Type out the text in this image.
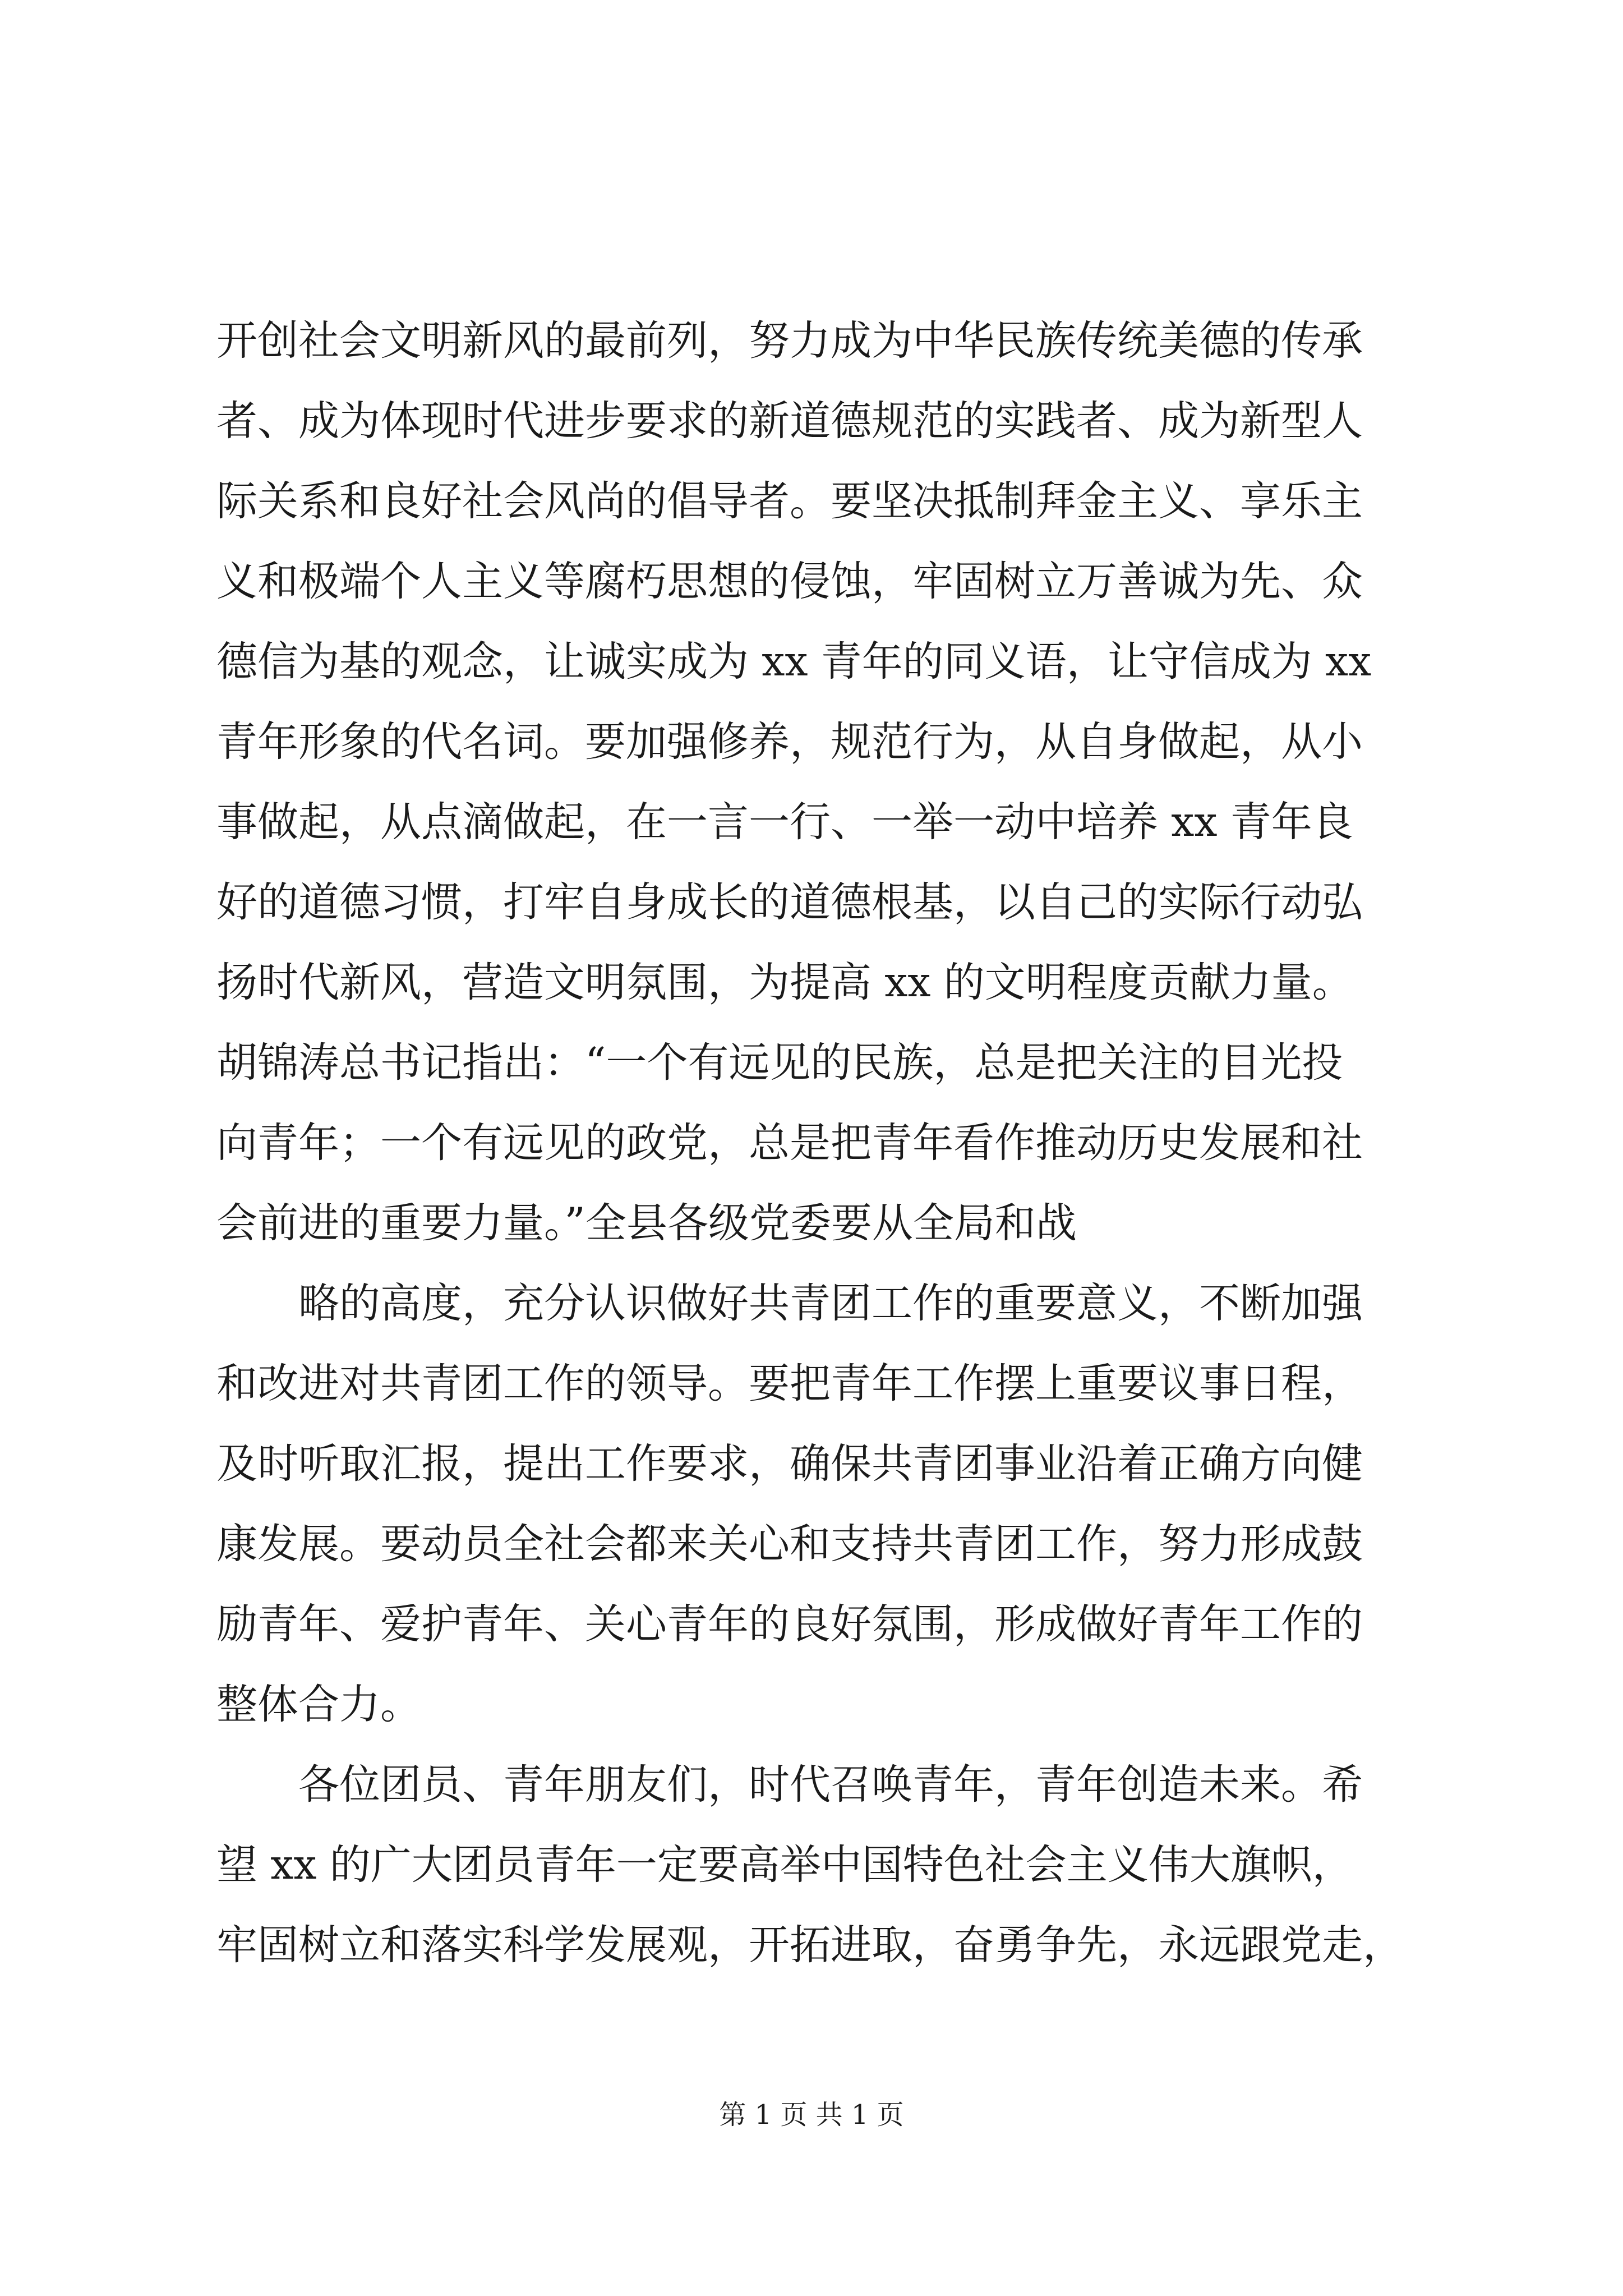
开创社会文明新风的最前列，努力成为中华民族传统美德的传承
者、成为体现时代进步要求的新道德规范的实践者、成为新型人
际关系和良好社会风尚的倡导者。要坚决抵制拜金主义、享乐主
义和极端个人主义等腐朽思想的侵蚀，牢固树立万善诚为先、众
德信为基的观念，让诚实成为 xx 青年的同义语，让守信成为 xx
青年形象的代名词。要加强修养，规范行为，从自身做起，从小
事做起，从点滴做起，在一言一行、一举一动中培养 xx 青年良
好的道德习惯，打牢自身成长的道德根基，以自己的实际行动弘
扬时代新风，营造文明氛围，为提高 xx 的文明程度贡献力量。
胡锦涛总书记指出：“一个有远见的民族，总是把关注的目光投
向青年；一个有远见的政党，总是把青年看作推动历史发展和社
会前进的重要力量。”全县各级党委要从全局和战
　　略的高度，充分认识做好共青团工作的重要意义，不断加强
和改进对共青团工作的领导。要把青年工作摆上重要议事日程，
及时听取汇报，提出工作要求，确保共青团事业沿着正确方向健
康发展。要动员全社会都来关心和支持共青团工作，努力形成鼓
励青年、爱护青年、关心青年的良好氛围，形成做好青年工作的
整体合力。
　　各位团员、青年朋友们，时代召唤青年，青年创造未来。希
望 xx 的广大团员青年一定要高举中国特色社会主义伟大旗帜，
牢固树立和落实科学发展观，开拓进取，奋勇争先，永远跟党走，
第 1 页 共 1 页
